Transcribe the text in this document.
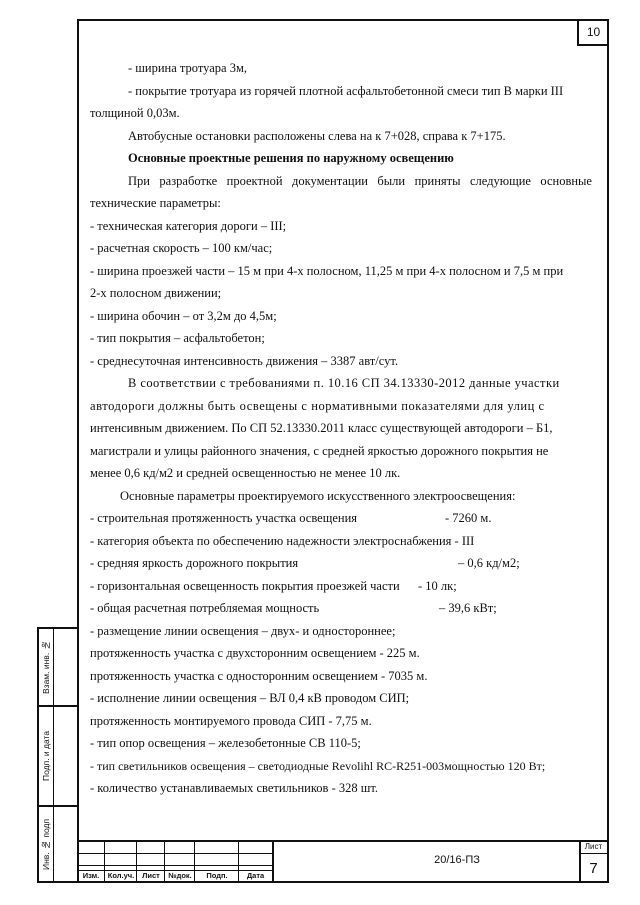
10
- ширина тротуара 3м,
- покрытие тротуара из горячей плотной асфальтобетонной смеси тип В марки III
толщиной 0,03м.
Автобусные остановки расположены слева на к 7+028, справа к 7+175.
Основные проектные решения по наружному освещению
При разработке проектной документации были приняты следующие основные
технические параметры:
- техническая категория дороги – III;
- расчетная скорость – 100 км/час;
- ширина проезжей части – 15 м при 4-х полосном, 11,25 м при 4-х полосном и 7,5 м при
2-х полосном движении;
- ширина обочин – от 3,2м до 4,5м;
- тип покрытия – асфальтобетон;
- среднесуточная интенсивность движения – 3387 авт/сут.
В соответствии с требованиями п. 10.16 СП 34.13330-2012 данные участки
автодороги должны быть освещены с нормативными показателями для улиц с
интенсивным движением. По СП 52.13330.2011 класс существующей автодороги – Б1,
магистрали и улицы районного значения, с средней яркостью дорожного покрытия не
менее 0,6 кд/м2 и средней освещенностью не менее 10 лк.
Основные параметры проектируемого искусственного электроосвещения:
- строительная протяженность участка освещения	- 7260 м.
- категория объекта по обеспечению надежности электроснабжения - III
- средняя яркость дорожного покрытия	– 0,6 кд/м2;
- горизонтальная освещенность покрытия проезжей части - 10 лк;
- общая расчетная потребляемая мощность	– 39,6 кВт;
- размещение линии освещения – двух- и одностороннее;
протяженность участка с двухсторонним освещением - 225 м.
протяженность участка с односторонним освещением - 7035 м.
- исполнение линии освещения – ВЛ 0,4 кВ проводом СИП;
протяженность монтируемого провода СИП - 7,75 м.
- тип опор освещения – железобетонные СВ 110-5;
- тип светильников освещения – светодиодные Revolihl RC-R251-003мощностью 120 Вт;
- количество устанавливаемых светильников - 328 шт.
Изм.	Кол.уч.	Лист	№док.	Подп.	Дата
20/16-ПЗ
Лист
7
Взам. инв. №
Подп. и дата
Инв. № подп
